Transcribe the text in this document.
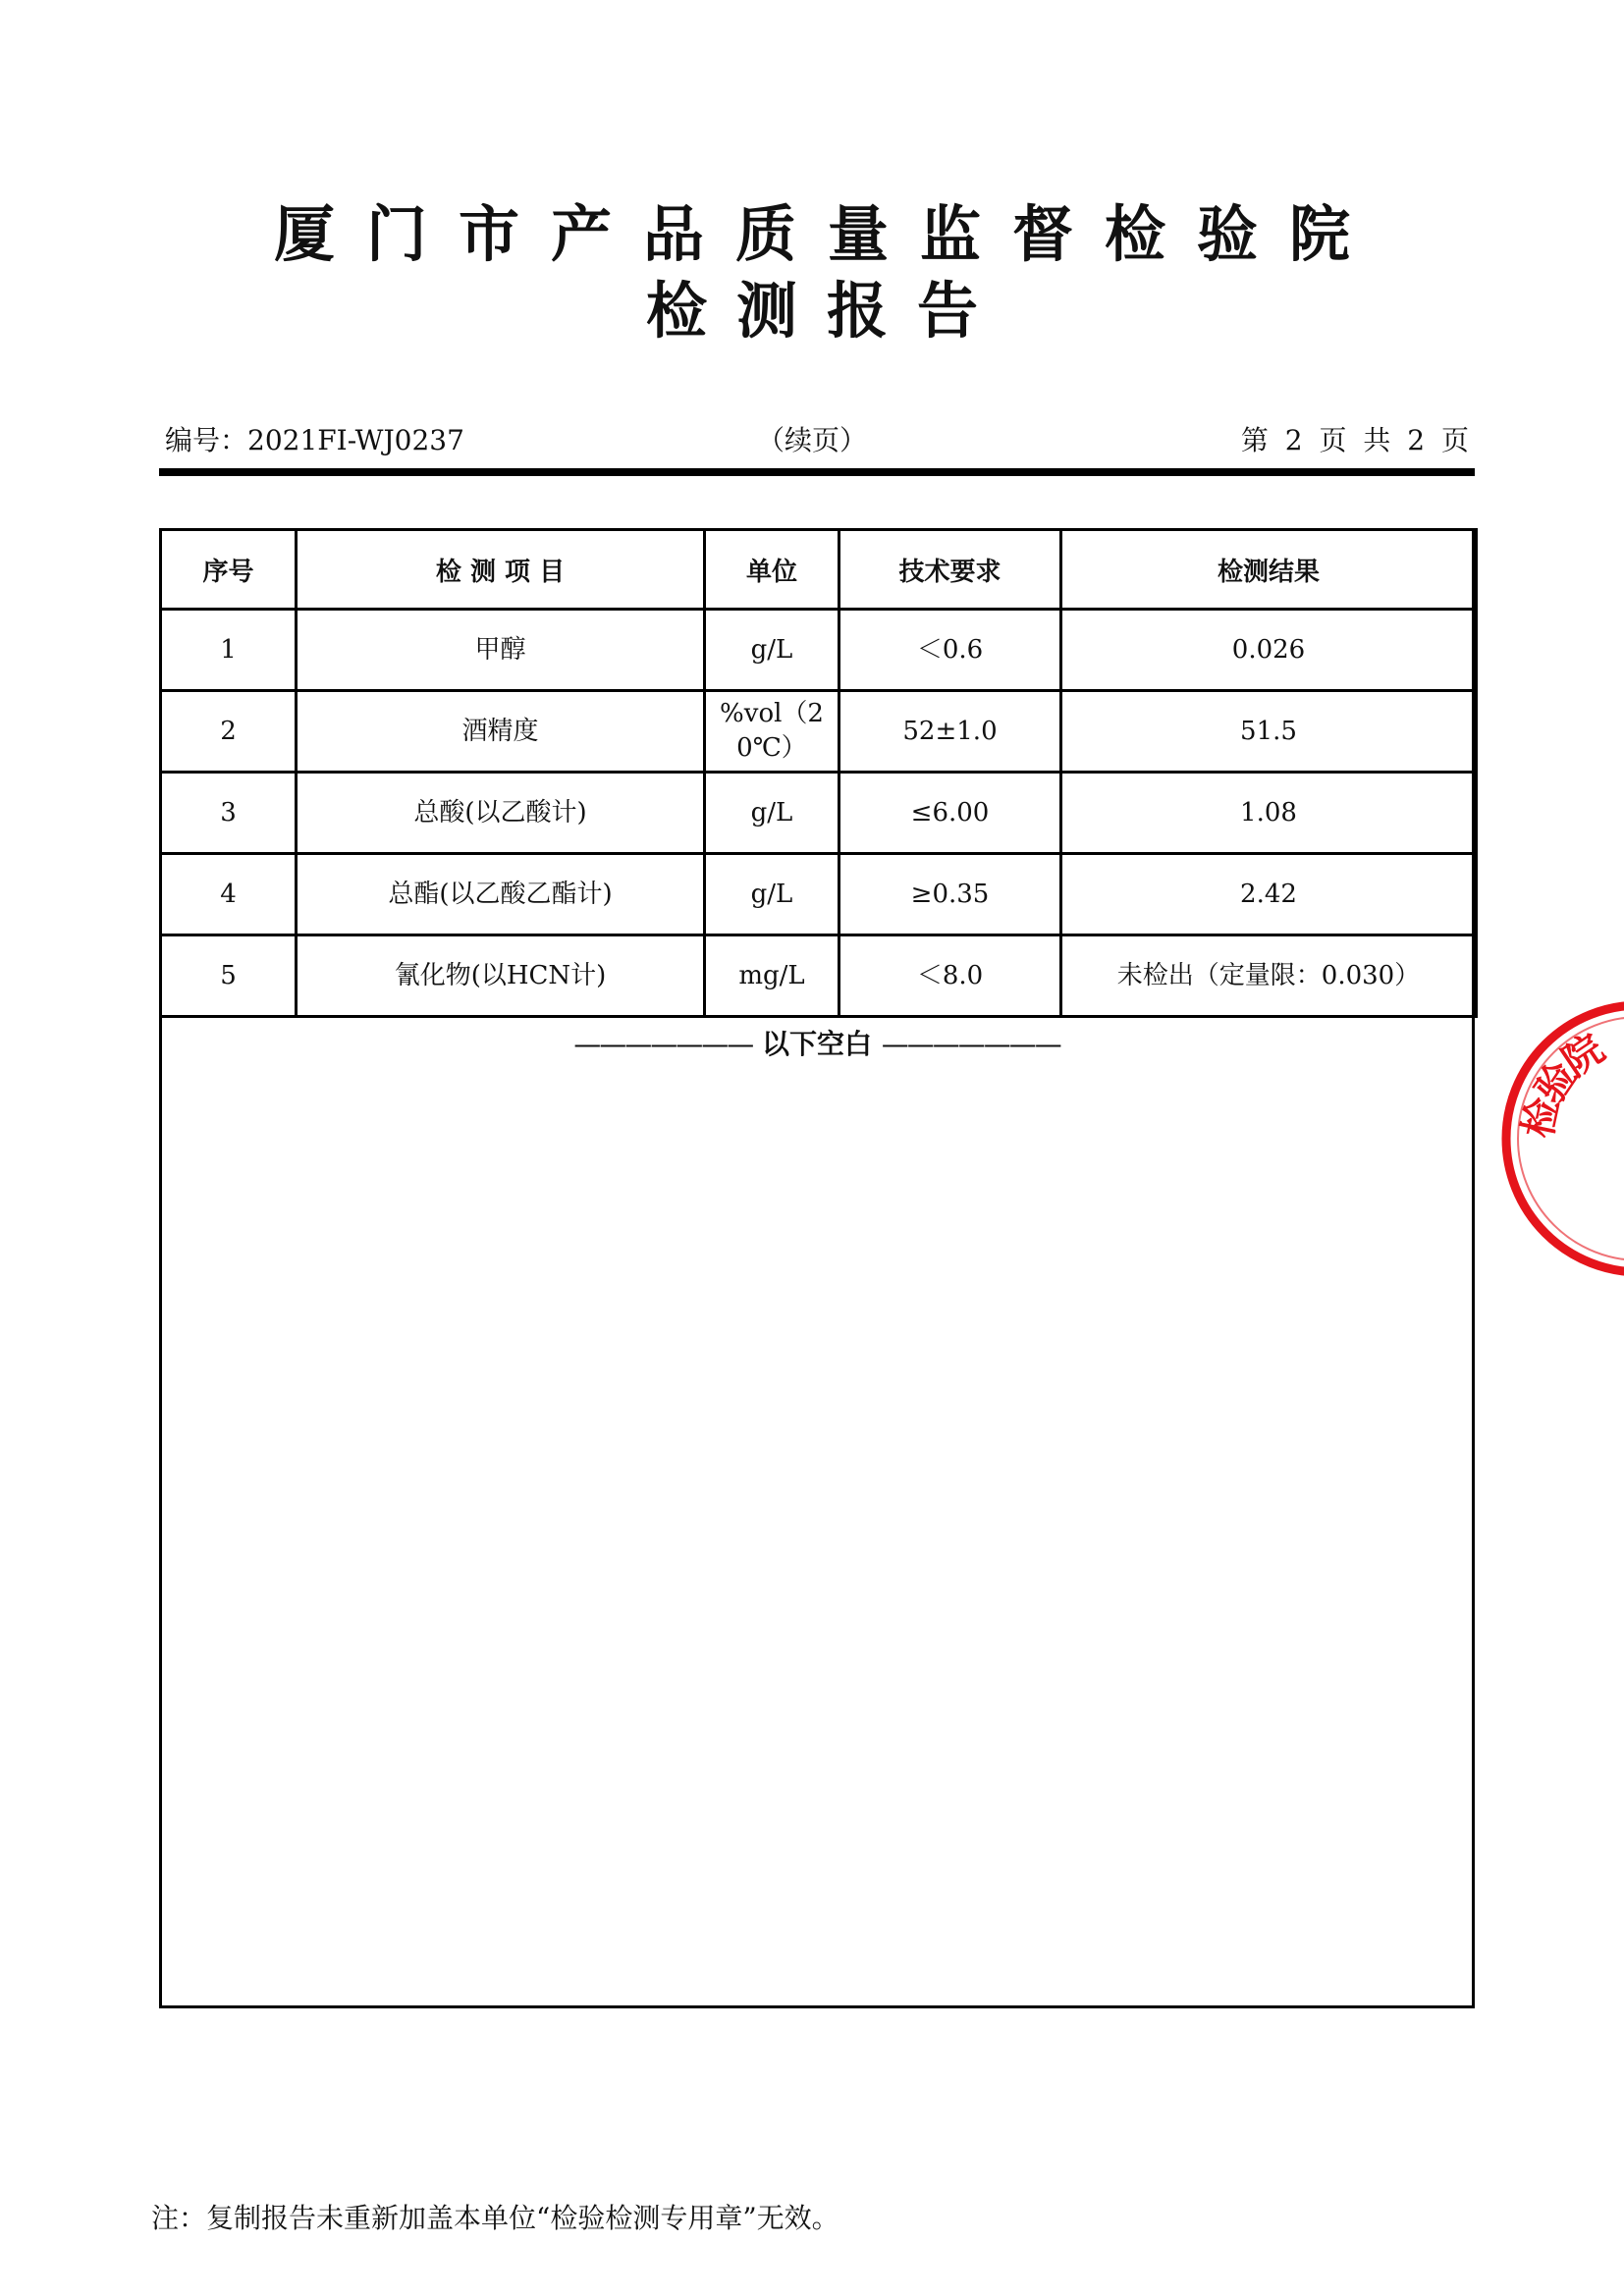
厦门市产品质量监督检验院
检测报告
编号：2021FI-WJ0237	（续页）	第 2 页 共 2 页
序号	检 测 项 目	单位	技术要求	检测结果
1	甲醇	g/L	＜0.6	0.026
2	酒精度	%vol（20℃）	52±1.0	51.5
3	总酸(以乙酸计)	g/L	≤6.00	1.08
4	总酯(以乙酸乙酯计)	g/L	≥0.35	2.42
5	氰化物(以HCN计)	mg/L	＜8.0	未检出（定量限：0.030）
——————— 以下空白 ———————
注：复制报告未重新加盖本单位“检验检测专用章”无效。
检
验
院
